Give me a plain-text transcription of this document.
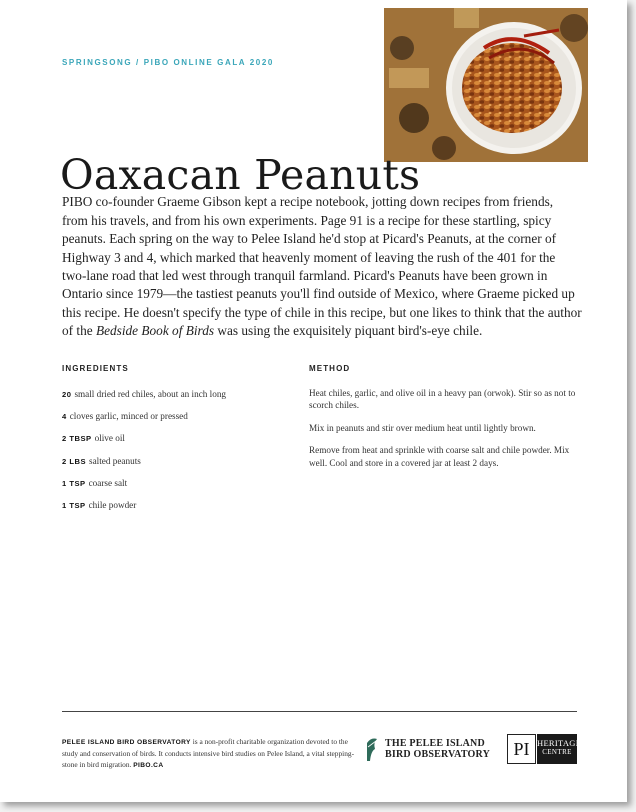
SPRINGSONG / PIBO ONLINE GALA 2020
Oaxacan Peanuts

PIBO co-founder Graeme Gibson kept a recipe notebook, jotting down recipes from friends, from his travels, and from his own experiments. Page 91 is a recipe for these startling, spicy peanuts. Each spring on the way to Pelee Island he'd stop at Picard's Peanuts, at the corner of Highway 3 and 4, which marked that heavenly moment of leaving the rush of the 401 for the two-lane road that led west through tranquil farmland. Picard's Peanuts have been grown in Ontario since 1979—the tastiest peanuts you'll find outside of Mexico, where Graeme picked up this recipe. He doesn't specify the type of chile in this recipe, but one likes to think that the author of the Bedside Book of Birds was using the exquisitely piquant bird's-eye chile.

INGREDIENTS
20 small dried red chiles, about an inch long
4 cloves garlic, minced or pressed
2 TBSP olive oil
2 LBS salted peanuts
1 TSP coarse salt
1 TSP chile powder
METHOD

Heat chiles, garlic, and olive oil in a heavy pan (orwok). Stir so as not to scorch chiles.

Mix in peanuts and stir over medium heat until lightly brown.

Remove from heat and sprinkle with coarse salt and chile powder. Mix well. Cool and store in a covered jar at least 2 days.

PELEE ISLAND BIRD OBSERVATORY is a non-profit charitable organization devoted to the study and conservation of birds. It conducts intensive bird studies on Pelee Island, a vital stepping-stone in bird migration. PIBO.CA

THE PELEE ISLAND
BIRD OBSERVATORY	PI HERITAGE
CENTRE
